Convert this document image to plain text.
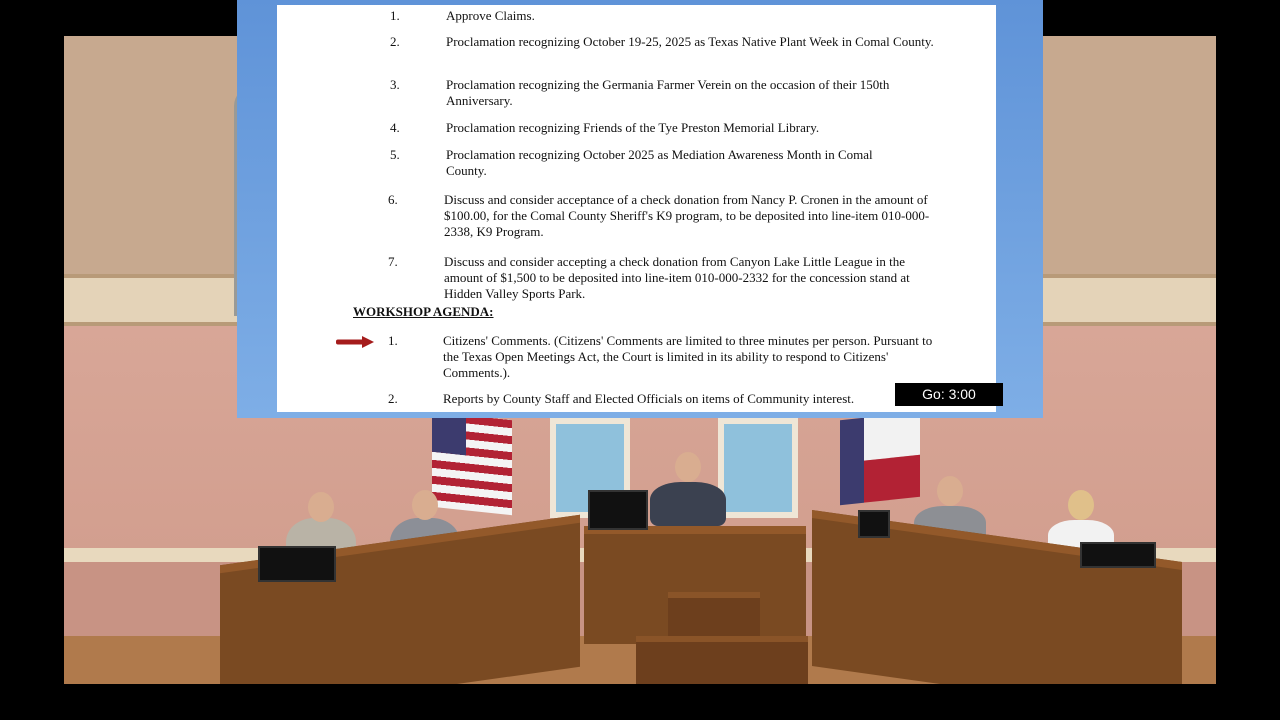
1.	Approve Claims.
2.	Proclamation recognizing October 19-25, 2025 as Texas Native Plant Week in Comal County.
3.	Proclamation recognizing the Germania Farmer Verein on the occasion of their 150th Anniversary.
4.	Proclamation recognizing Friends of the Tye Preston Memorial Library.
5.	Proclamation recognizing October 2025 as Mediation Awareness Month in Comal County.
6.	Discuss and consider acceptance of a check donation from Nancy P. Cronen in the amount of $100.00, for the Comal County Sheriff's K9 program, to be deposited into line-item 010-000-2338, K9 Program.
7.	Discuss and consider accepting a check donation from Canyon Lake Little League in the amount of $1,500 to be deposited into line-item 010-000-2332 for the concession stand at Hidden Valley Sports Park.
WORKSHOP AGENDA:
1.	Citizens' Comments. (Citizens' Comments are limited to three minutes per person. Pursuant to the Texas Open Meetings Act, the Court is limited in its ability to respond to Citizens' Comments.).
2.	Reports by County Staff and Elected Officials on items of Community interest.	Go: 3:00
